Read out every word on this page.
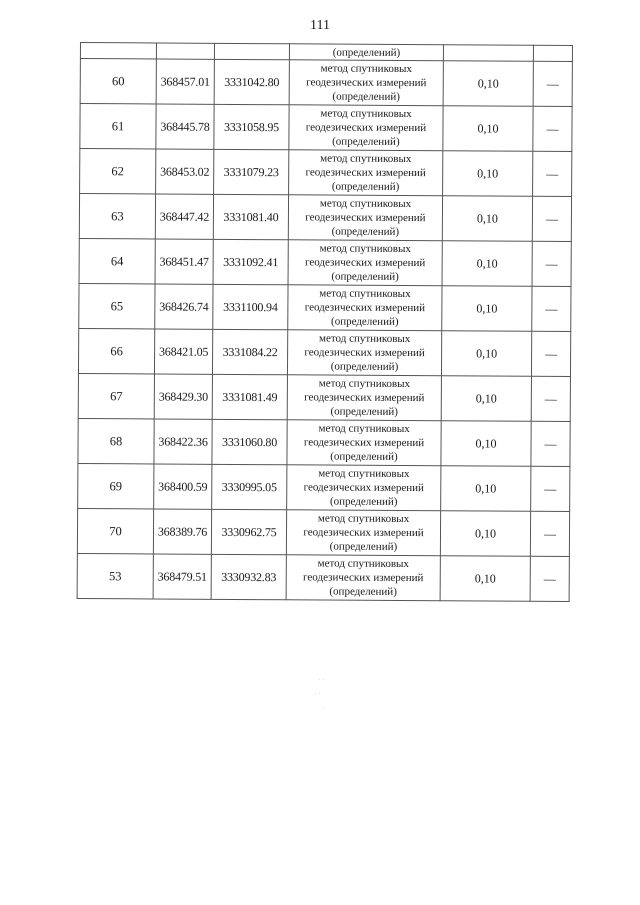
111
			(определений)		
60	368457.01	3331042.80	метод спутниковых
геодезических измерений
(определений)	0,10	—
61	368445.78	3331058.95	метод спутниковых
геодезических измерений
(определений)	0,10	—
62	368453.02	3331079.23	метод спутниковых
геодезических измерений
(определений)	0,10	—
63	368447.42	3331081.40	метод спутниковых
геодезических измерений
(определений)	0,10	—
64	368451.47	3331092.41	метод спутниковых
геодезических измерений
(определений)	0,10	—
65	368426.74	3331100.94	метод спутниковых
геодезических измерений
(определений)	0,10	—
66	368421.05	3331084.22	метод спутниковых
геодезических измерений
(определений)	0,10	—
67	368429.30	3331081.49	метод спутниковых
геодезических измерений
(определений)	0,10	—
68	368422.36	3331060.80	метод спутниковых
геодезических измерений
(определений)	0,10	—
69	368400.59	3330995.05	метод спутниковых
геодезических измерений
(определений)	0,10	—
70	368389.76	3330962.75	метод спутниковых
геодезических измерений
(определений)	0,10	—
53	368479.51	3330932.83	метод спутниковых
геодезических измерений
(определений)	0,10	—
· ·
· ·
·
